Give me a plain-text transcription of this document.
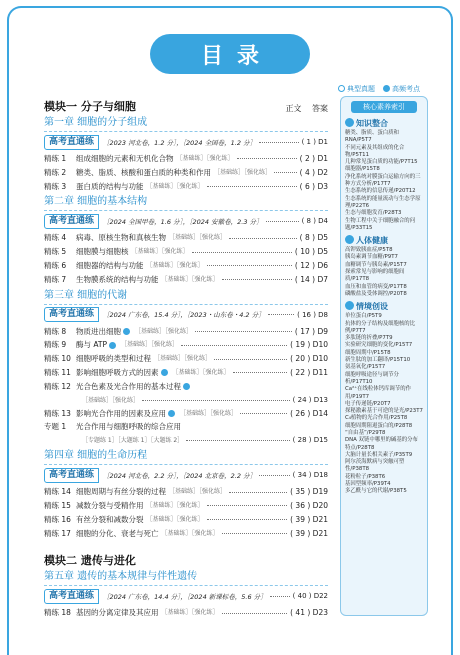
目录
典型真题	高频考点
模块一 分子与细胞	正文 答案
第一章 细胞的分子组成
高考直通练	［2023 河北卷，1.2 分］，［2024 全国卷，1.2 分］	( 1 ) D1
精练 1	组成细胞的元素和无机化合物 ［基础练］［强化练］	( 2 ) D1
精练 2	糖类、脂质、核酸和蛋白质的种类和作用 ［基础练］［强化练］	( 4 ) D2
精练 3	蛋白质的结构与功能 ［基础练］［强化练］	( 6 ) D3
第二章 细胞的基本结构
高考直通练	［2024 全国甲卷，1.6 分］，［2024 安徽卷，2.3 分］	( 8 ) D4
精练 4	病毒、原核生物和真核生物 ［基础练］［强化练］	( 8 ) D5
精练 5	细胞膜与细胞核 ［基础练］［强化练］	( 10 ) D5
精练 6	细胞器的结构与功能 ［基础练］［强化练］	( 12 ) D6
精练 7	生物膜系统的结构与功能 ［基础练］［强化练］	( 14 ) D7
第三章 细胞的代谢
高考直通练	［2024 广东卷，15.4 分］，［2023・山东卷・4.2 分］	( 16 ) D8
精练 8	物质进出细胞 ［基础练］［强化练］	( 17 ) D9
精练 9	酶与 ATP ［基础练］［强化练］	( 19 ) D10
精练 10 细胞呼吸的类型和过程 ［基础练］［强化练］	( 20 ) D10
精练 11 影响细胞呼吸方式的因素 ［基础练］［强化练］	( 22 ) D11
精练 12 光合色素及光合作用的基本过程
［基础练］［强化练］	( 24 ) D13
精练 13 影响光合作用的因素及应用 ［基础练］［强化练］	( 26 ) D14
专题 1	光合作用与细胞呼吸的综合应用
［专题练 1］［大题练 1］［大题练 2］	( 28 ) D15
第四章 细胞的生命历程
高考直通练	［2024 河北卷，2.2 分］，［2024 北京卷，2.2 分］	( 34 ) D18
精练 14 细胞周期与有丝分裂的过程 ［基础练］［强化练］	( 35 ) D19
精练 15 减数分裂与受精作用 ［基础练］［强化练］	( 36 ) D20
精练 16 有丝分裂和减数分裂 ［基础练］［强化练］	( 39 ) D21
精练 17 细胞的分化、衰老与死亡 ［基础练］［强化练］	( 39 ) D21
模块二 遗传与进化
第五章 遗传的基本规律与伴性遗传
高考直通练	［2024 广东卷，14.4 分］，［2024 新课标卷，5.6 分］	( 40 ) D22
精练 18 基因的分离定律及其应用 ［基础练］［强化练］	( 41 ) D23
核心素养索引
知识整合
糖类、脂质、蛋白质和 RNA/P5T7
不同元素及其组成的化合物/P5T11
几种常见蛋白质的功能/P7T15
细胞器/P15T8
净化系统对膜蛋白运输方向的三种方式分析/P17T7
生态系统的信息传递/P20T12
生态系统的能量流动与生态学原理/P22T6
生态与细胞发育/P28T3
生物工程中关于细胞融合的问题/P33T15
人体健康
高钾致胰血症/P5T8
胰岛素调节血糖/P9T7
血糖调节与胰岛素/P15T7
探索常见与影响的细胞间质/P17T8
血压和血管的病变/P17T8
磷酸盐及受体调控/P20T8
情境创设
单位蛋白/P5T9
抗体的分子结构及细胞核的比例/P7T7
多肽链的折叠/P7T9
实验研究细胞的变化/P15T7
细胞周期中/P15T8
新生肽的加工翻译/P15T10
氨基氧化/P15T7
细胞呼吸途径与调节分析/P17T10
Ca²⁺在线粒体钙库调节的作用/P19T7
电子传递链/P20T7
探秘激素基于可逆的是光/P23T7
C₄植物的光合作用/P25T8
细胞周期阻遏蛋白的/P28T8
“自由基”/P29T8
DNA 双链中哪里的碱基的分布特点/P28T8
大脑计量长相关素子/P35T9
阿尔茨海默病与突触可塑性/P38T8
花粉粒子/P38T6
基因型频率/P39T4
多乙酰与它的代谢/P38T5
